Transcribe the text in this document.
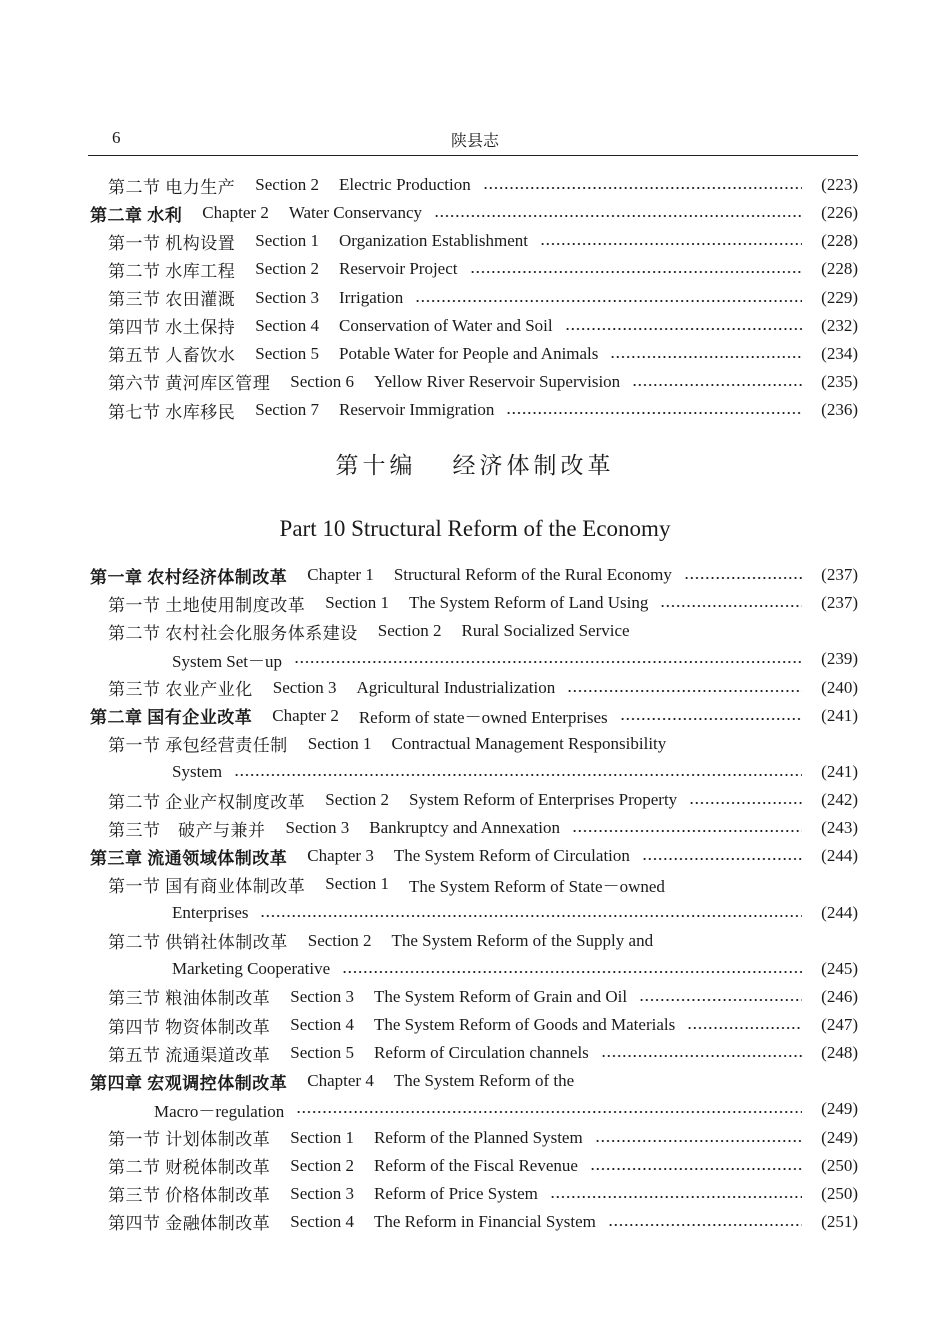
6	陕县志
第二节 电力生产 Section 2 Electric Production	(223)
第二章 水利 Chapter 2 Water Conservancy	(226)
第一节 机构设置 Section 1 Organization Establishment	(228)
第二节 水库工程 Section 2 Reservoir Project	(228)
第三节 农田灌溉 Section 3 Irrigation	(229)
第四节 水土保持 Section 4 Conservation of Water and Soil	(232)
第五节 人畜饮水 Section 5 Potable Water for People and Animals	(234)
第六节 黄河库区管理 Section 6 Yellow River Reservoir Supervision	(235)
第七节 水库移民 Section 7 Reservoir Immigration	(236)
第十编 经济体制改革
Part 10 Structural Reform of the Economy
第一章 农村经济体制改革 Chapter 1 Structural Reform of the Rural Economy	(237)
第一节 土地使用制度改革 Section 1 The System Reform of Land Using	(237)
第二节 农村社会化服务体系建设 Section 2 Rural Socialized Service
System Set－up	(239)
第三节 农业产业化 Section 3 Agricultural Industrialization	(240)
第二章 国有企业改革 Chapter 2 Reform of state－owned Enterprises	(241)
第一节 承包经营责任制 Section 1 Contractual Management Responsibility
System	(241)
第二节 企业产权制度改革 Section 2 System Reform of Enterprises Property	(242)
第三节　破产与兼并 Section 3 Bankruptcy and Annexation	(243)
第三章 流通领域体制改革 Chapter 3 The System Reform of Circulation	(244)
第一节 国有商业体制改革 Section 1 The System Reform of State－owned
Enterprises	(244)
第二节 供销社体制改革 Section 2 The System Reform of the Supply and
Marketing Cooperative	(245)
第三节 粮油体制改革 Section 3 The System Reform of Grain and Oil	(246)
第四节 物资体制改革 Section 4 The System Reform of Goods and Materials	(247)
第五节 流通渠道改革 Section 5 Reform of Circulation channels	(248)
第四章 宏观调控体制改革 Chapter 4 The System Reform of the
Macro－regulation	(249)
第一节 计划体制改革 Section 1 Reform of the Planned System	(249)
第二节 财税体制改革 Section 2 Reform of the Fiscal Revenue	(250)
第三节 价格体制改革 Section 3 Reform of Price System	(250)
第四节 金融体制改革 Section 4 The Reform in Financial System	(251)
